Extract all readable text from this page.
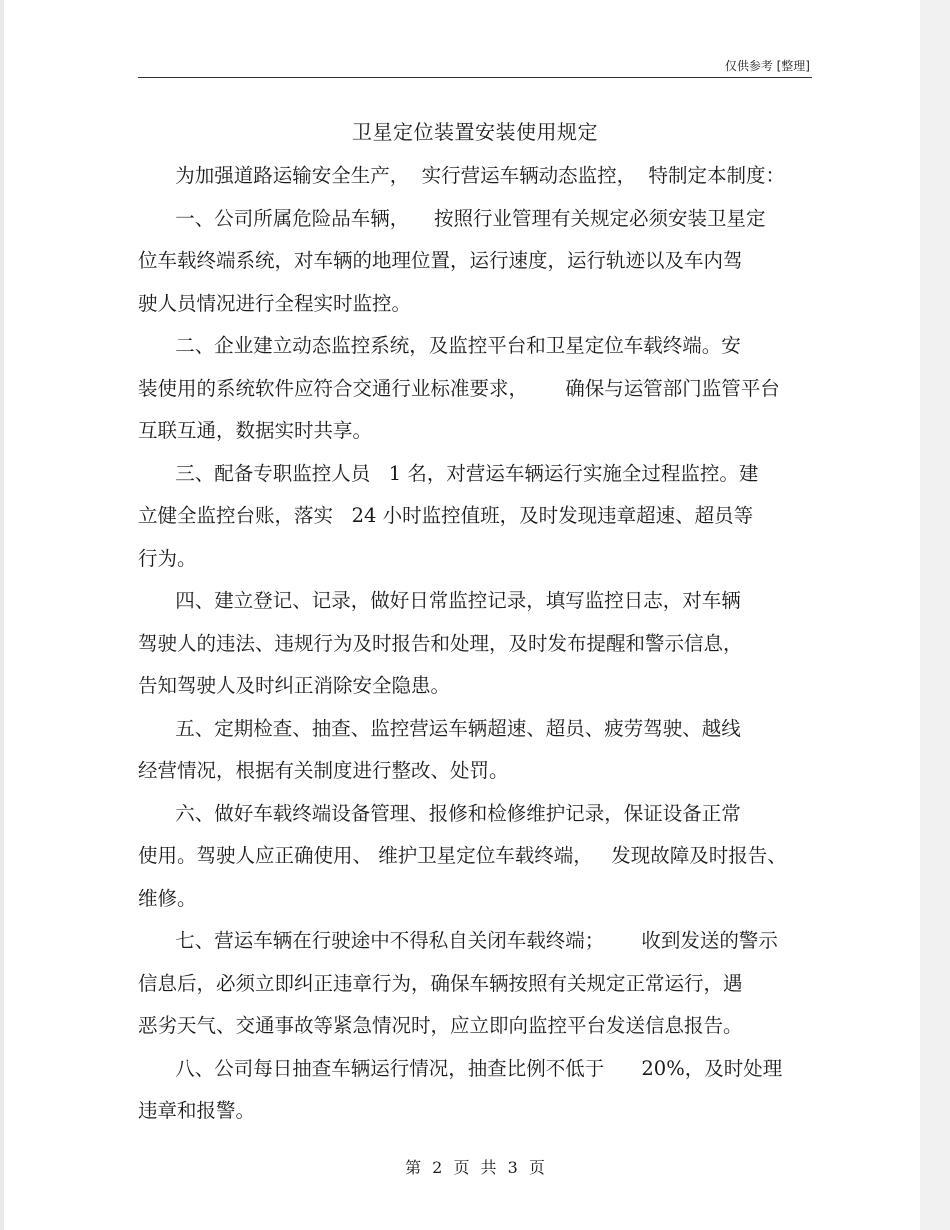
仅供参考 [整理]
卫星定位装置安装使用规定
为加强道路运输安全生产，  实行营运车辆动态监控，  特制定本制度：
一、公司所属危险品车辆，    按照行业管理有关规定必须安装卫星定
位车载终端系统，对车辆的地理位置，运行速度，运行轨迹以及车内驾
驶人员情况进行全程实时监控。
二、企业建立动态监控系统，及监控平台和卫星定位车载终端。安
装使用的系统软件应符合交通行业标准要求，      确保与运管部门监管平台
互联互通，数据实时共享。
三、配备专职监控人员   1 名，对营运车辆运行实施全过程监控。建
立健全监控台账，落实   24 小时监控值班，及时发现违章超速、超员等
行为。
四、建立登记、记录，做好日常监控记录，填写监控日志，对车辆
驾驶人的违法、违规行为及时报告和处理，及时发布提醒和警示信息，
告知驾驶人及时纠正消除安全隐患。
五、定期检查、抽查、监控营运车辆超速、超员、疲劳驾驶、越线
经营情况，根据有关制度进行整改、处罚。
六、做好车载终端设备管理、报修和检修维护记录，保证设备正常
使用。驾驶人应正确使用、 维护卫星定位车载终端，   发现故障及时报告、
维修。
七、营运车辆在行驶途中不得私自关闭车载终端；      收到发送的警示
信息后，必须立即纠正违章行为，确保车辆按照有关规定正常运行，遇
恶劣天气、交通事故等紧急情况时，应立即向监控平台发送信息报告。
八、公司每日抽查车辆运行情况，抽查比例不低于      20%，及时处理
违章和报警。
第 2 页 共 3 页
